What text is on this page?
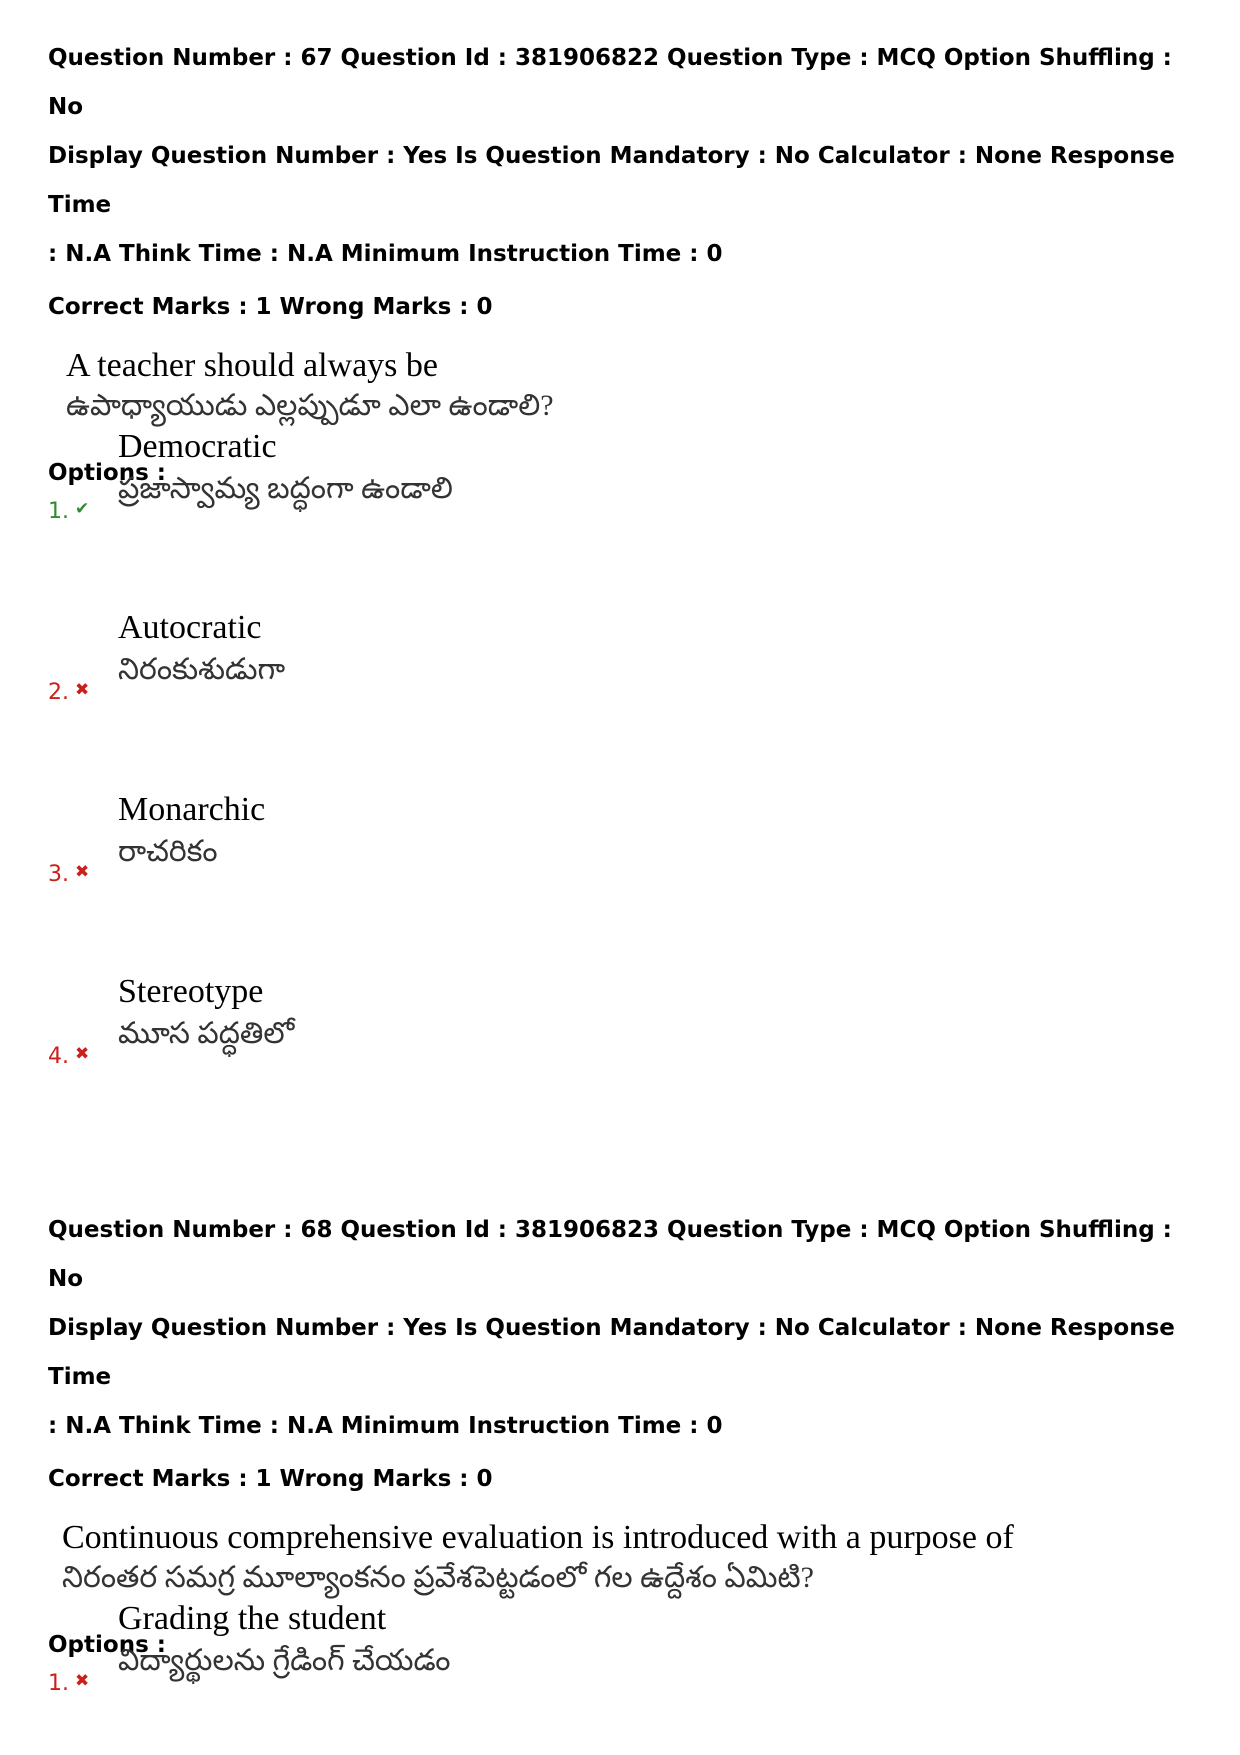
Question Number : 67 Question Id : 381906822 Question Type : MCQ Option Shuffling : No

Display Question Number : Yes Is Question Mandatory : No Calculator : None Response Time

: N.A Think Time : N.A Minimum Instruction Time : 0

Correct Marks : 1 Wrong Marks : 0
A teacher should always be
ఉపాధ్యాయుడు ఎల్లప్పుడూ ఎలా ఉండాలి?
Options :
Democratic
ప్రజాస్వామ్య బద్ధంగా ఉండాలి
1. ✔
Autocratic
నిరంకుశుడుగా
2. ✖
Monarchic
రాచరికం
3. ✖
Stereotype
మూస పద్ధతిలో
4. ✖

Question Number : 68 Question Id : 381906823 Question Type : MCQ Option Shuffling : No

Display Question Number : Yes Is Question Mandatory : No Calculator : None Response Time

: N.A Think Time : N.A Minimum Instruction Time : 0

Correct Marks : 1 Wrong Marks : 0
Continuous comprehensive evaluation is introduced with a purpose of
నిరంతర సమగ్ర మూల్యాంకనం ప్రవేశపెట్టడంలో గల ఉద్దేశం ఏమిటి?
Options :
Grading the student
విద్యార్థులను గ్రేడింగ్ చేయడం
1. ✖
